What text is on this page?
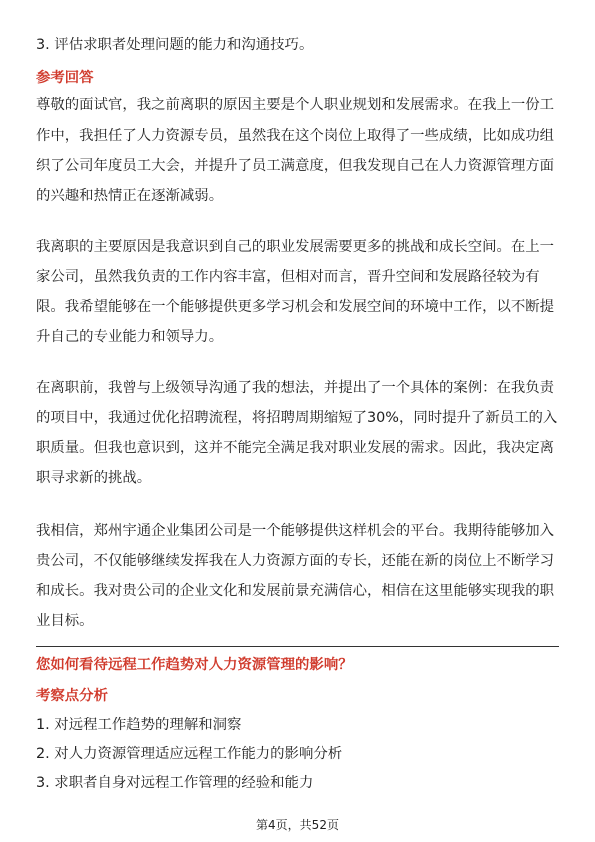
3. 评估求职者处理问题的能力和沟通技巧。
参考回答
尊敬的面试官，我之前离职的原因主要是个人职业规划和发展需求。在我上一份工
作中，我担任了人力资源专员，虽然我在这个岗位上取得了一些成绩，比如成功组
织了公司年度员工大会，并提升了员工满意度，但我发现自己在人力资源管理方面
的兴趣和热情正在逐渐减弱。
我离职的主要原因是我意识到自己的职业发展需要更多的挑战和成长空间。在上一
家公司，虽然我负责的工作内容丰富，但相对而言，晋升空间和发展路径较为有
限。我希望能够在一个能够提供更多学习机会和发展空间的环境中工作，以不断提
升自己的专业能力和领导力。
在离职前，我曾与上级领导沟通了我的想法，并提出了一个具体的案例：在我负责
的项目中，我通过优化招聘流程，将招聘周期缩短了30%，同时提升了新员工的入
职质量。但我也意识到，这并不能完全满足我对职业发展的需求。因此，我决定离
职寻求新的挑战。
我相信，郑州宇通企业集团公司是一个能够提供这样机会的平台。我期待能够加入
贵公司，不仅能够继续发挥我在人力资源方面的专长，还能在新的岗位上不断学习
和成长。我对贵公司的企业文化和发展前景充满信心，相信在这里能够实现我的职
业目标。
您如何看待远程工作趋势对人力资源管理的影响？
考察点分析
1. 对远程工作趋势的理解和洞察
2. 对人力资源管理适应远程工作能力的影响分析
3. 求职者自身对远程工作管理的经验和能力
第4页，共52页
